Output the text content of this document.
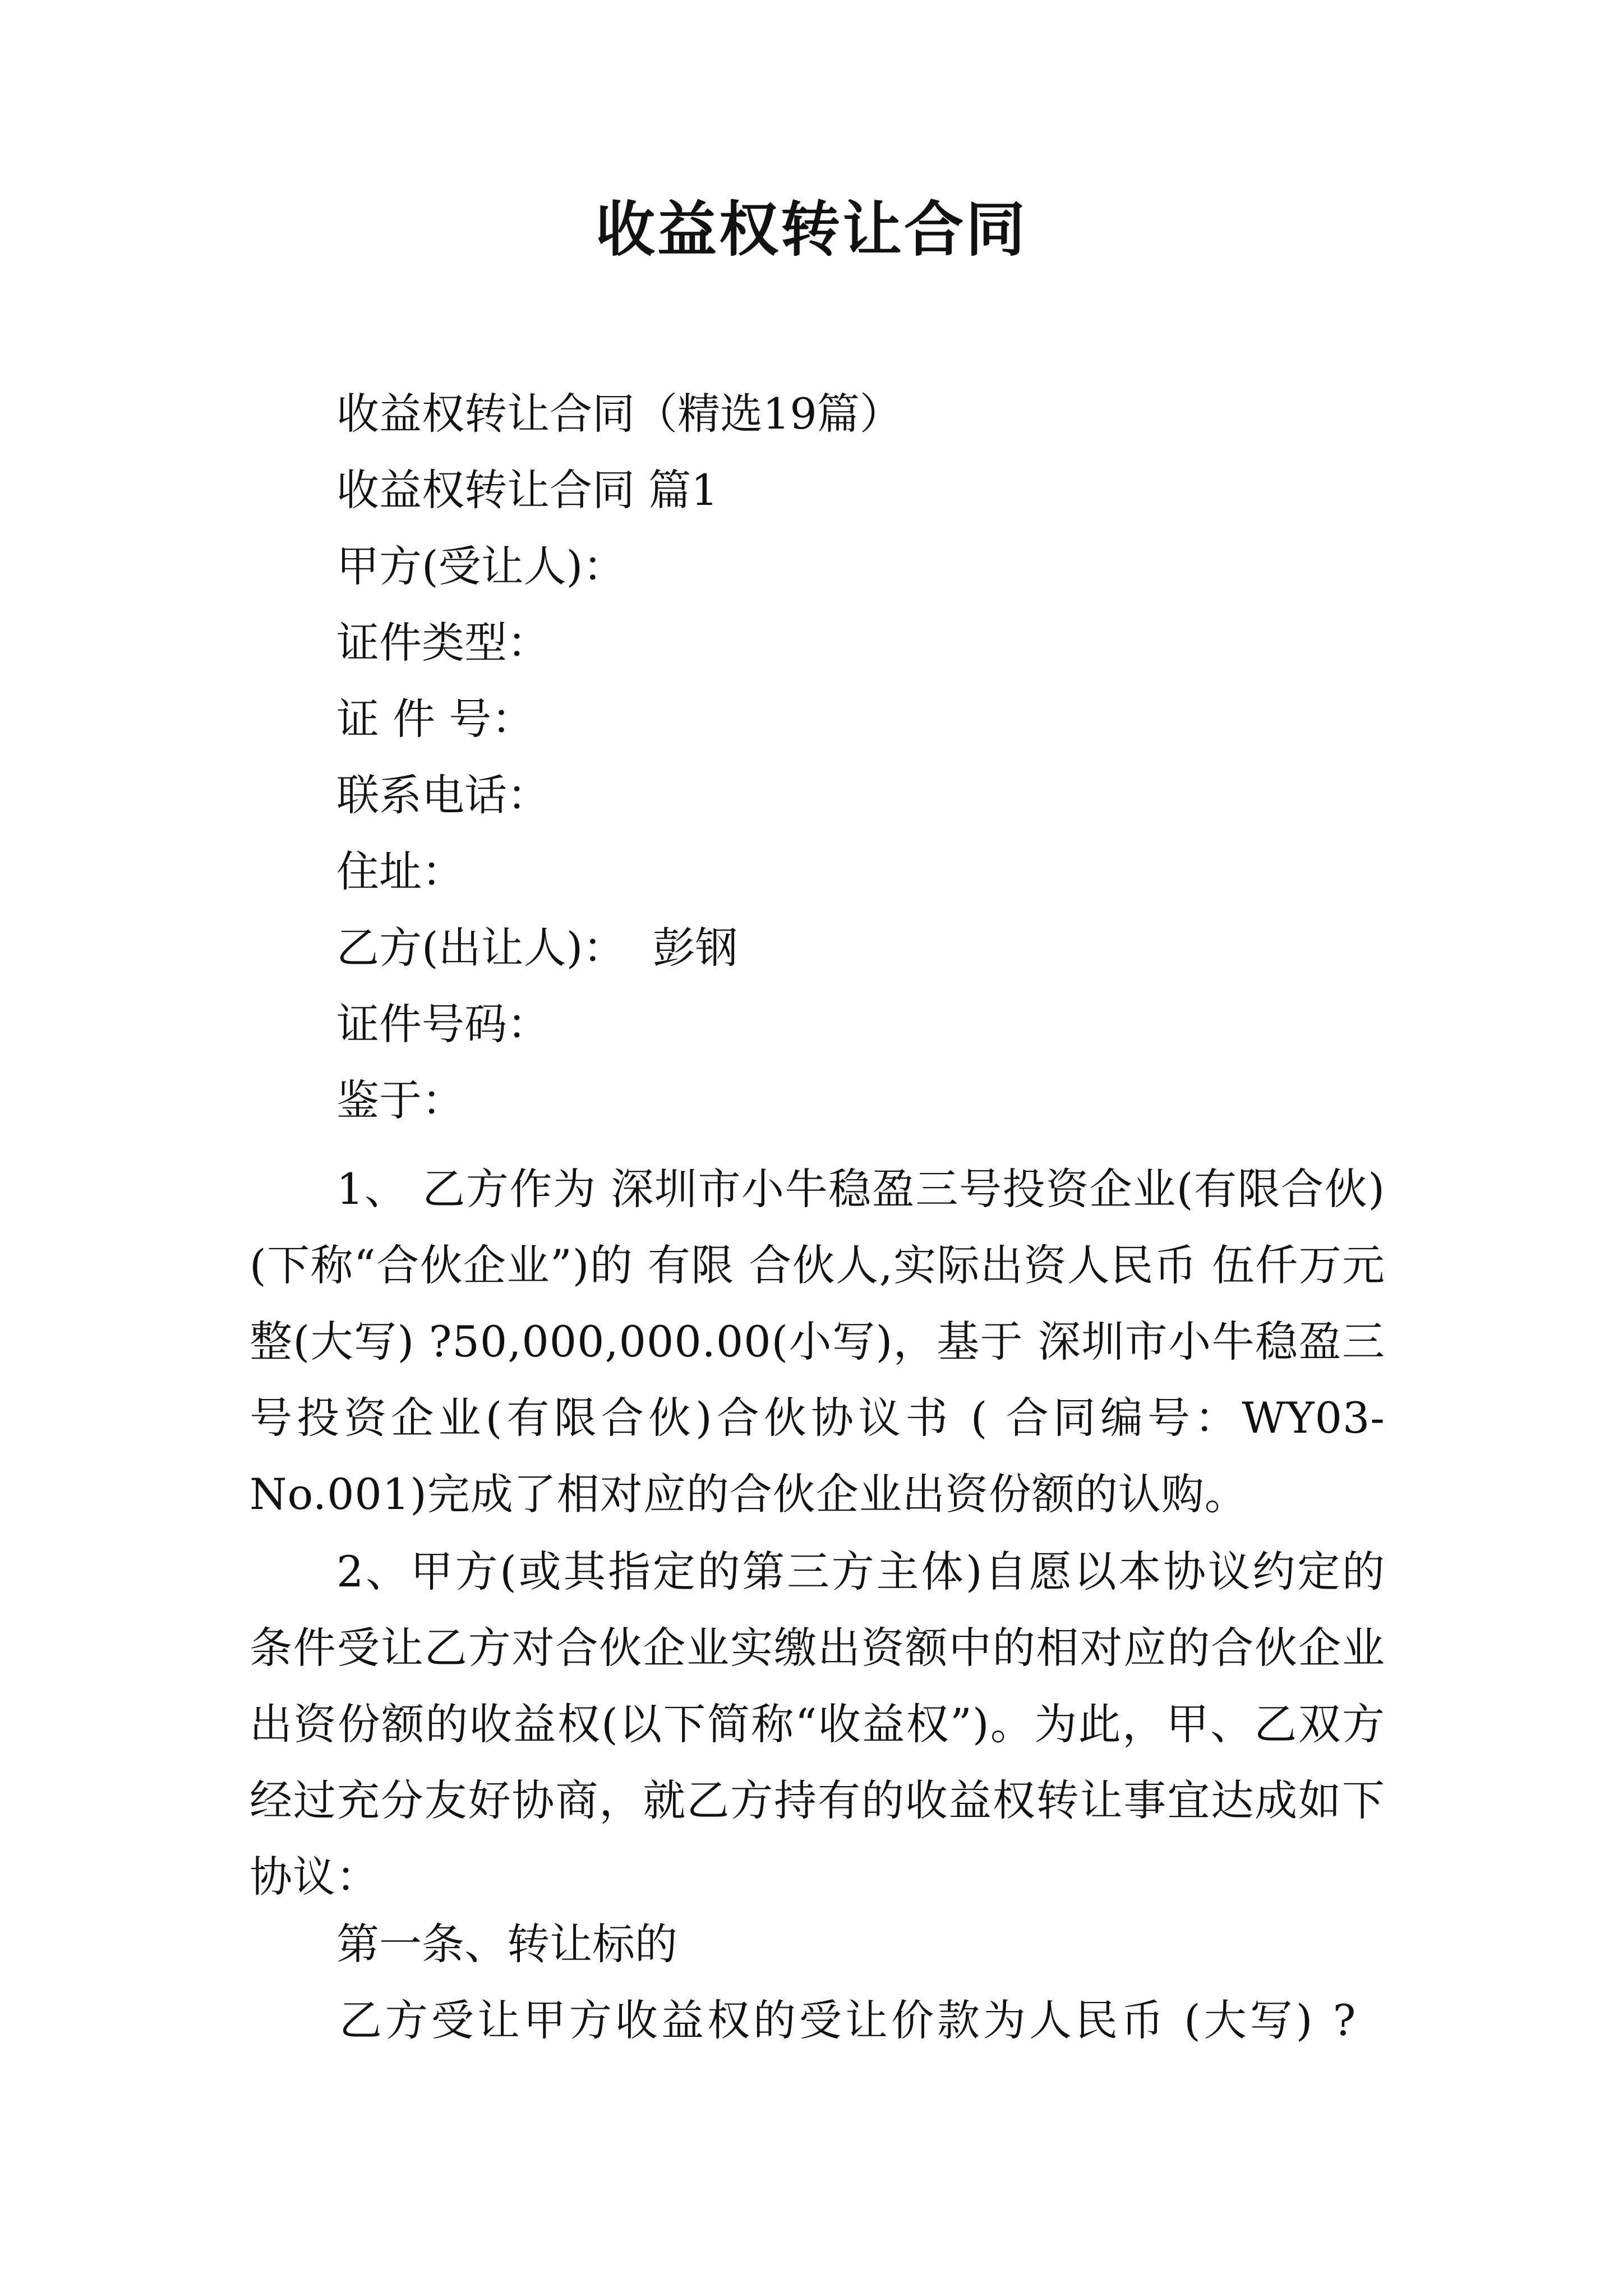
收益权转让合同

收益权转让合同（精选19篇）

收益权转让合同 篇1

甲方(受让人)：

证件类型：

证 件 号：

联系电话：

住址：

乙方(出让人)：  彭钢

证件号码：

鉴于：

1、 乙方作为 深圳市小牛稳盈三号投资企业(有限合伙)(下称“合伙企业”)的 有限 合伙人,实际出资人民币 伍仟万元整(大写) ?50,000,000.00(小写)，基于 深圳市小牛稳盈三号投资企业(有限合伙)合伙协议书 ( 合同编号：WY03-No.001)完成了相对应的合伙企业出资份额的认购。

2、甲方(或其指定的第三方主体)自愿以本协议约定的条件受让乙方对合伙企业实缴出资额中的相对应的合伙企业出资份额的收益权(以下简称“收益权”)。为此，甲、乙双方经过充分友好协商，就乙方持有的收益权转让事宜达成如下协议：

第一条、转让标的

乙方受让甲方收益权的受让价款为人民币 (大写) ?
